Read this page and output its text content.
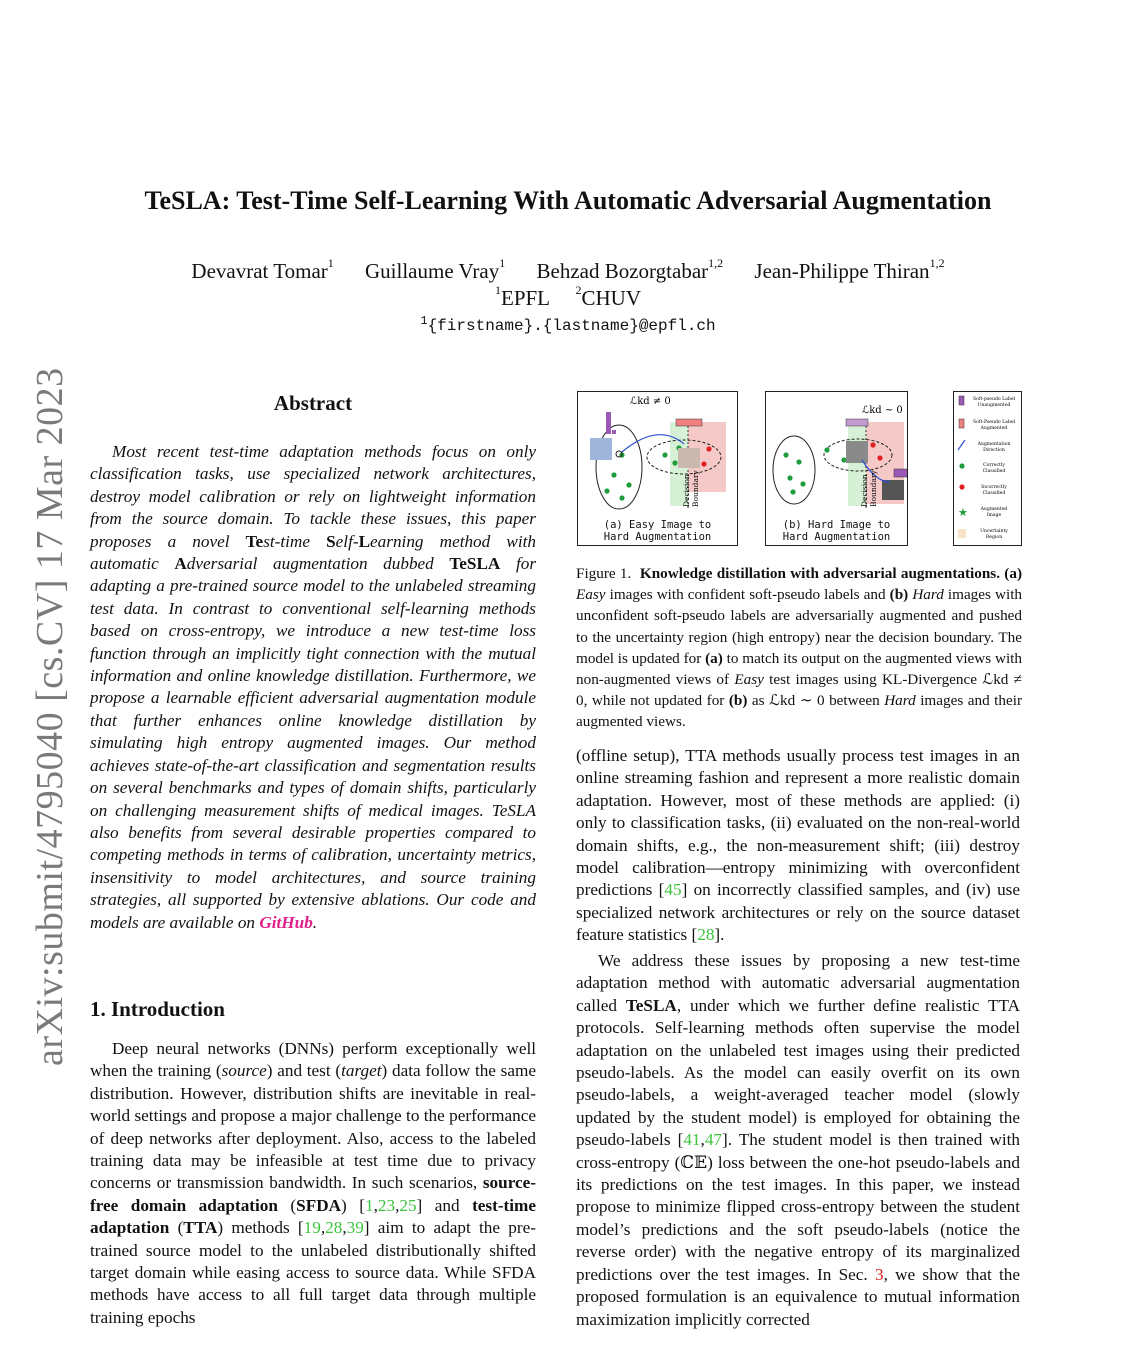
arXiv:submit/4795040 [cs.CV] 17 Mar 2023
TeSLA: Test-Time Self-Learning With Automatic Adversarial Augmentation
Devavrat Tomar$^1$ Guillaume Vray$^1$ Behzad Bozorgtabar$^{1,2}$ Jean-Philippe Thiran$^{1,2}$
$^1$EPFL $^2$CHUV
$^1${firstname}.{lastname}@epfl.ch
Abstract
Most recent test-time adaptation methods focus on only classification tasks, use specialized network architectures, destroy model calibration or rely on lightweight information from the source domain. To tackle these issues, this paper proposes a novel Test-time Self-Learning method with automatic Adversarial augmentation dubbed TeSLA for adapting a pre-trained source model to the unlabeled streaming test data. In contrast to conventional self-learning methods based on cross-entropy, we introduce a new test-time loss function through an implicitly tight connection with the mutual information and online knowledge distillation. Furthermore, we propose a learnable efficient adversarial augmentation module that further enhances online knowledge distillation by simulating high entropy augmented images. Our method achieves state-of-the-art classification and segmentation results on several benchmarks and types of domain shifts, particularly on challenging measurement shifts of medical images. TeSLA also benefits from several desirable properties compared to competing methods in terms of calibration, uncertainty metrics, insensitivity to model architectures, and source training strategies, all supported by extensive ablations. Our code and models are available on GitHub.
1. Introduction
Deep neural networks (DNNs) perform exceptionally well when the training (source) and test (target) data follow the same distribution. However, distribution shifts are inevitable in real-world settings and propose a major challenge to the performance of deep networks after deployment. Also, access to the labeled training data may be infeasible at test time due to privacy concerns or transmission bandwidth. In such scenarios, source-free domain adaptation (SFDA) [1,23,25] and test-time adaptation (TTA) methods [19,28,39] aim to adapt the pre-trained source model to the unlabeled distributionally shifted target domain while easing access to source data. While SFDA methods have access to all full target data through multiple training epochs
ℒkd ≠ 0
Decision Boundary
(a) Easy Image to
Hard Augmentation
ℒkd ∼ 0
Decision Boundary
(b) Hard Image to
Hard Augmentation
★
Soft-pseudo Label
Unaugmented
Soft-Pseudo Label
Augmented
Augmentation
Direction
Correctly
Classified
Incorrectly
Classified
Augmented
Image
Uncertainty
Region
Figure 1. Knowledge distillation with adversarial augmentations. (a) Easy images with confident soft-pseudo labels and (b) Hard images with unconfident soft-pseudo labels are adversarially augmented and pushed to the uncertainty region (high entropy) near the decision boundary. The model is updated for (a) to match its output on the augmented views with non-augmented views of Easy test images using KL-Divergence ℒkd ≠ 0, while not updated for (b) as ℒkd ∼ 0 between Hard images and their augmented views.
(offline setup), TTA methods usually process test images in an online streaming fashion and represent a more realistic domain adaptation. However, most of these methods are applied: (i) only to classification tasks, (ii) evaluated on the non-real-world domain shifts, e.g., the non-measurement shift; (iii) destroy model calibration—entropy minimizing with overconfident predictions [45] on incorrectly classified samples, and (iv) use specialized network architectures or rely on the source dataset feature statistics [28].
We address these issues by proposing a new test-time adaptation method with automatic adversarial augmentation called TeSLA, under which we further define realistic TTA protocols. Self-learning methods often supervise the model adaptation on the unlabeled test images using their predicted pseudo-labels. As the model can easily overfit on its own pseudo-labels, a weight-averaged teacher model (slowly updated by the student model) is employed for obtaining the pseudo-labels [41,47]. The student model is then trained with cross-entropy (ℂ𝔼) loss between the one-hot pseudo-labels and its predictions on the test images. In this paper, we instead propose to minimize flipped cross-entropy between the student model’s predictions and the soft pseudo-labels (notice the reverse order) with the negative entropy of its marginalized predictions over the test images. In Sec. 3, we show that the proposed formulation is an equivalence to mutual information maximization implicitly corrected
